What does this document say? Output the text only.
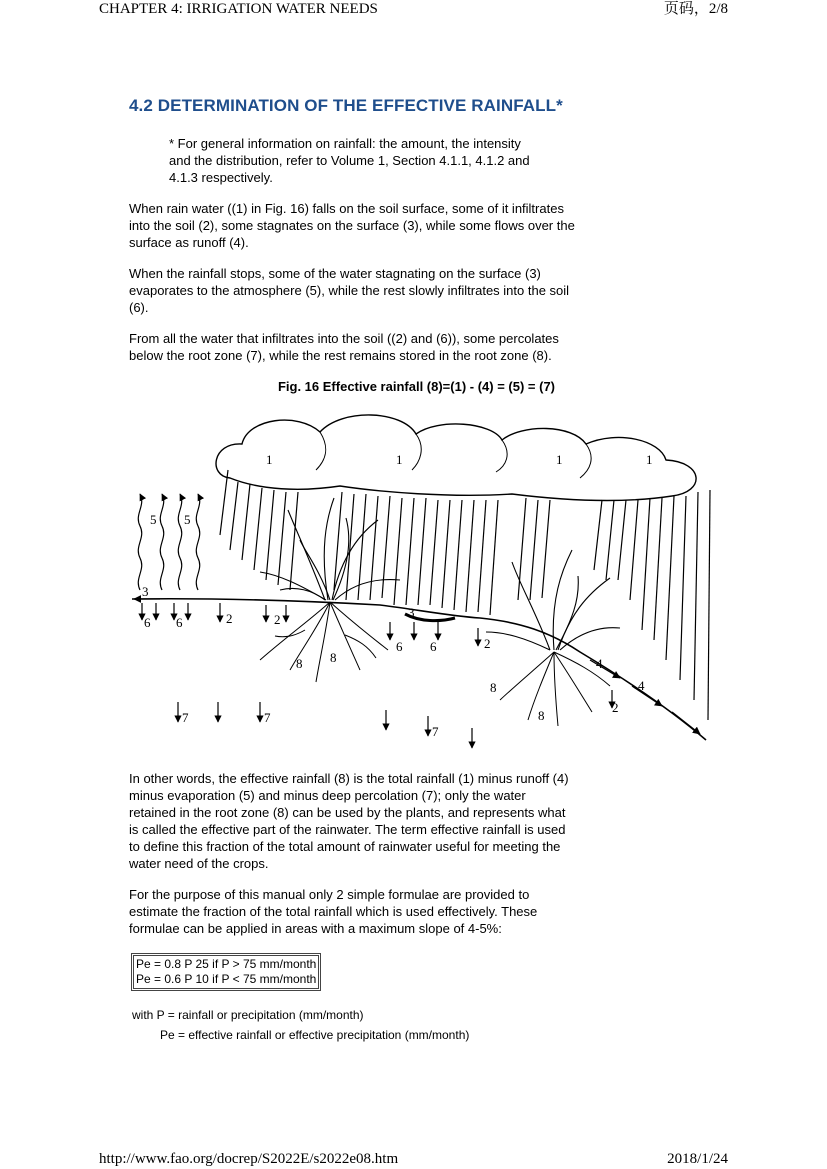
CHAPTER 4: IRRIGATION WATER NEEDS	页码，2/8
4.2 DETERMINATION OF THE EFFECTIVE RAINFALL*
* For general information on rainfall: the amount, the intensity
and the distribution, refer to Volume 1, Section 4.1.1, 4.1.2 and
4.1.3 respectively.
When rain water ((1) in Fig. 16) falls on the soil surface, some of it infiltrates
into the soil (2), some stagnates on the surface (3), while some flows over the
surface as runoff (4).
When the rainfall stops, some of the water stagnating on the surface (3)
evaporates to the atmosphere (5), while the rest slowly infiltrates into the soil
(6).
From all the water that infiltrates into the soil ((2) and (6)), some percolates
below the root zone (7), while the rest remains stored in the root zone (8).
Fig. 16 Effective rainfall (8)=(1) - (4) = (5) = (7)
1	1	1	1
5 5
3
3
6 6
6 6
2	2
2
2
4
4
8 8
8
8
7	7
7
In other words, the effective rainfall (8) is the total rainfall (1) minus runoff (4)
minus evaporation (5) and minus deep percolation (7); only the water
retained in the root zone (8) can be used by the plants, and represents what
is called the effective part of the rainwater. The term effective rainfall is used
to define this fraction of the total amount of rainwater useful for meeting the
water need of the crops.
For the purpose of this manual only 2 simple formulae are provided to
estimate the fraction of the total rainfall which is used effectively. These
formulae can be applied in areas with a maximum slope of 4-5%:
Pe = 0.8 P 25 if P > 75 mm/month
Pe = 0.6 P 10 if P < 75 mm/month
with P = rainfall or precipitation (mm/month)
Pe = effective rainfall or effective precipitation (mm/month)
http://www.fao.org/docrep/S2022E/s2022e08.htm	2018/1/24
